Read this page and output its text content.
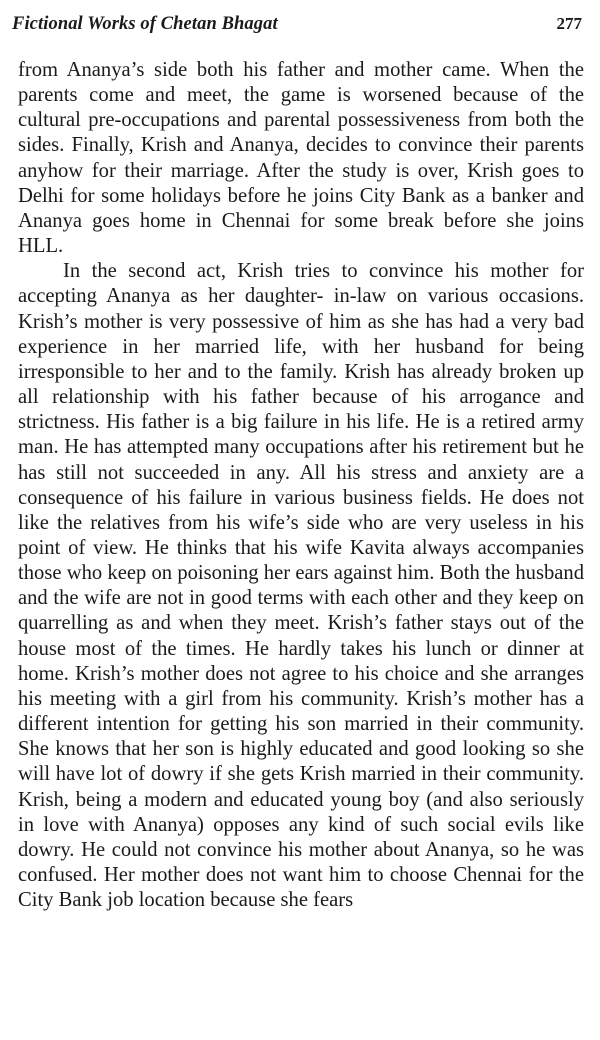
Fictional Works of Chetan Bhagat	277

from Ananya’s side both his father and mother came. When the parents come and meet, the game is worsened because of the cultural pre-occupations and parental possessiveness from both the sides. Finally, Krish and Ananya, decides to convince their parents anyhow for their marriage. After the study is over, Krish goes to Delhi for some holidays before he joins City Bank as a banker and Ananya goes home in Chennai for some break before she joins HLL.

In the second act, Krish tries to convince his mother for accepting Ananya as her daughter- in-law on various occasions. Krish’s mother is very possessive of him as she has had a very bad experience in her married life, with her husband for being irresponsible to her and to the family. Krish has already broken up all relationship with his father because of his arrogance and strictness. His father is a big failure in his life. He is a retired army man. He has attempted many occupations after his retirement but he has still not succeeded in any. All his stress and anxiety are a consequence of his failure in various business fields. He does not like the relatives from his wife’s side who are very useless in his point of view. He thinks that his wife Kavita always accompanies those who keep on poisoning her ears against him. Both the husband and the wife are not in good terms with each other and they keep on quarrelling as and when they meet. Krish’s father stays out of the house most of the times. He hardly takes his lunch or dinner at home. Krish’s mother does not agree to his choice and she arranges his meeting with a girl from his community. Krish’s mother has a different intention for getting his son married in their community. She knows that her son is highly educated and good looking so she will have lot of dowry if she gets Krish married in their community. Krish, being a modern and educated young boy (and also seriously in love with Ananya) opposes any kind of such social evils like dowry. He could not convince his mother about Ananya, so he was confused. Her mother does not want him to choose Chennai for the City Bank job location because she fears
